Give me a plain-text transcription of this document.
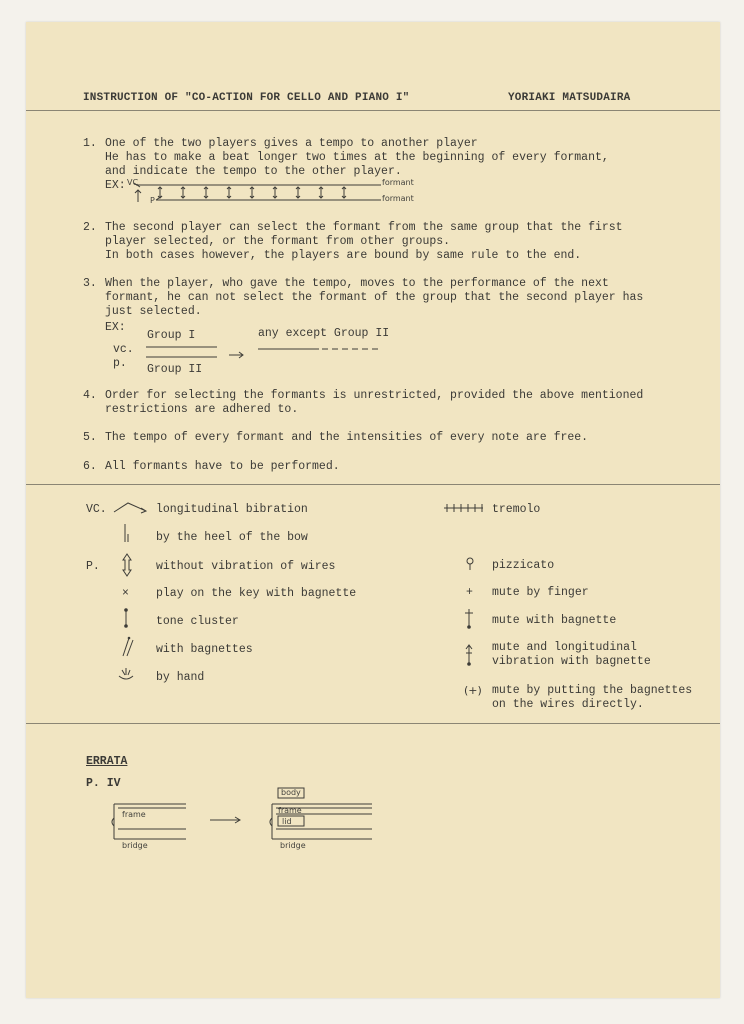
INSTRUCTION OF "CO-ACTION FOR CELLO AND PIANO I"	YORIAKI MATSUDAIRA
1. One of the two players gives a tempo to another player
He has to make a beat longer two times at the beginning of every formant,
and indicate the tempo to the other player.
EX: VC
P
formant
formant
2. The second player can select the formant from the same group that the first
player selected, or the formant from other groups.
In both cases however, the players are bound by same rule to the end.
3. When the player, who gave the tempo, moves to the performance of the next
formant, he can not select the formant of the group that the second player has
just selected.
EX:
Group I	any except Group II
vc.
p. Group II
4. Order for selecting the formants is unrestricted, provided the above mentioned
restrictions are adhered to.
5. The tempo of every formant and the intensities of every note are free.
6. All formants have to be performed.
VC.
P.
longitudinal bibration
by the heel of the bow
without vibration of wires
× play on the key with bagnette
tone cluster
with bagnettes
by hand
tremolo
pizzicato
+ mute by finger
mute with bagnette
mute and longitudinal
vibration with bagnette
(+) mute by putting the bagnettes
on the wires directly.
ERRATA
P. IV
frame
bridge
body
frame
lid
bridge
